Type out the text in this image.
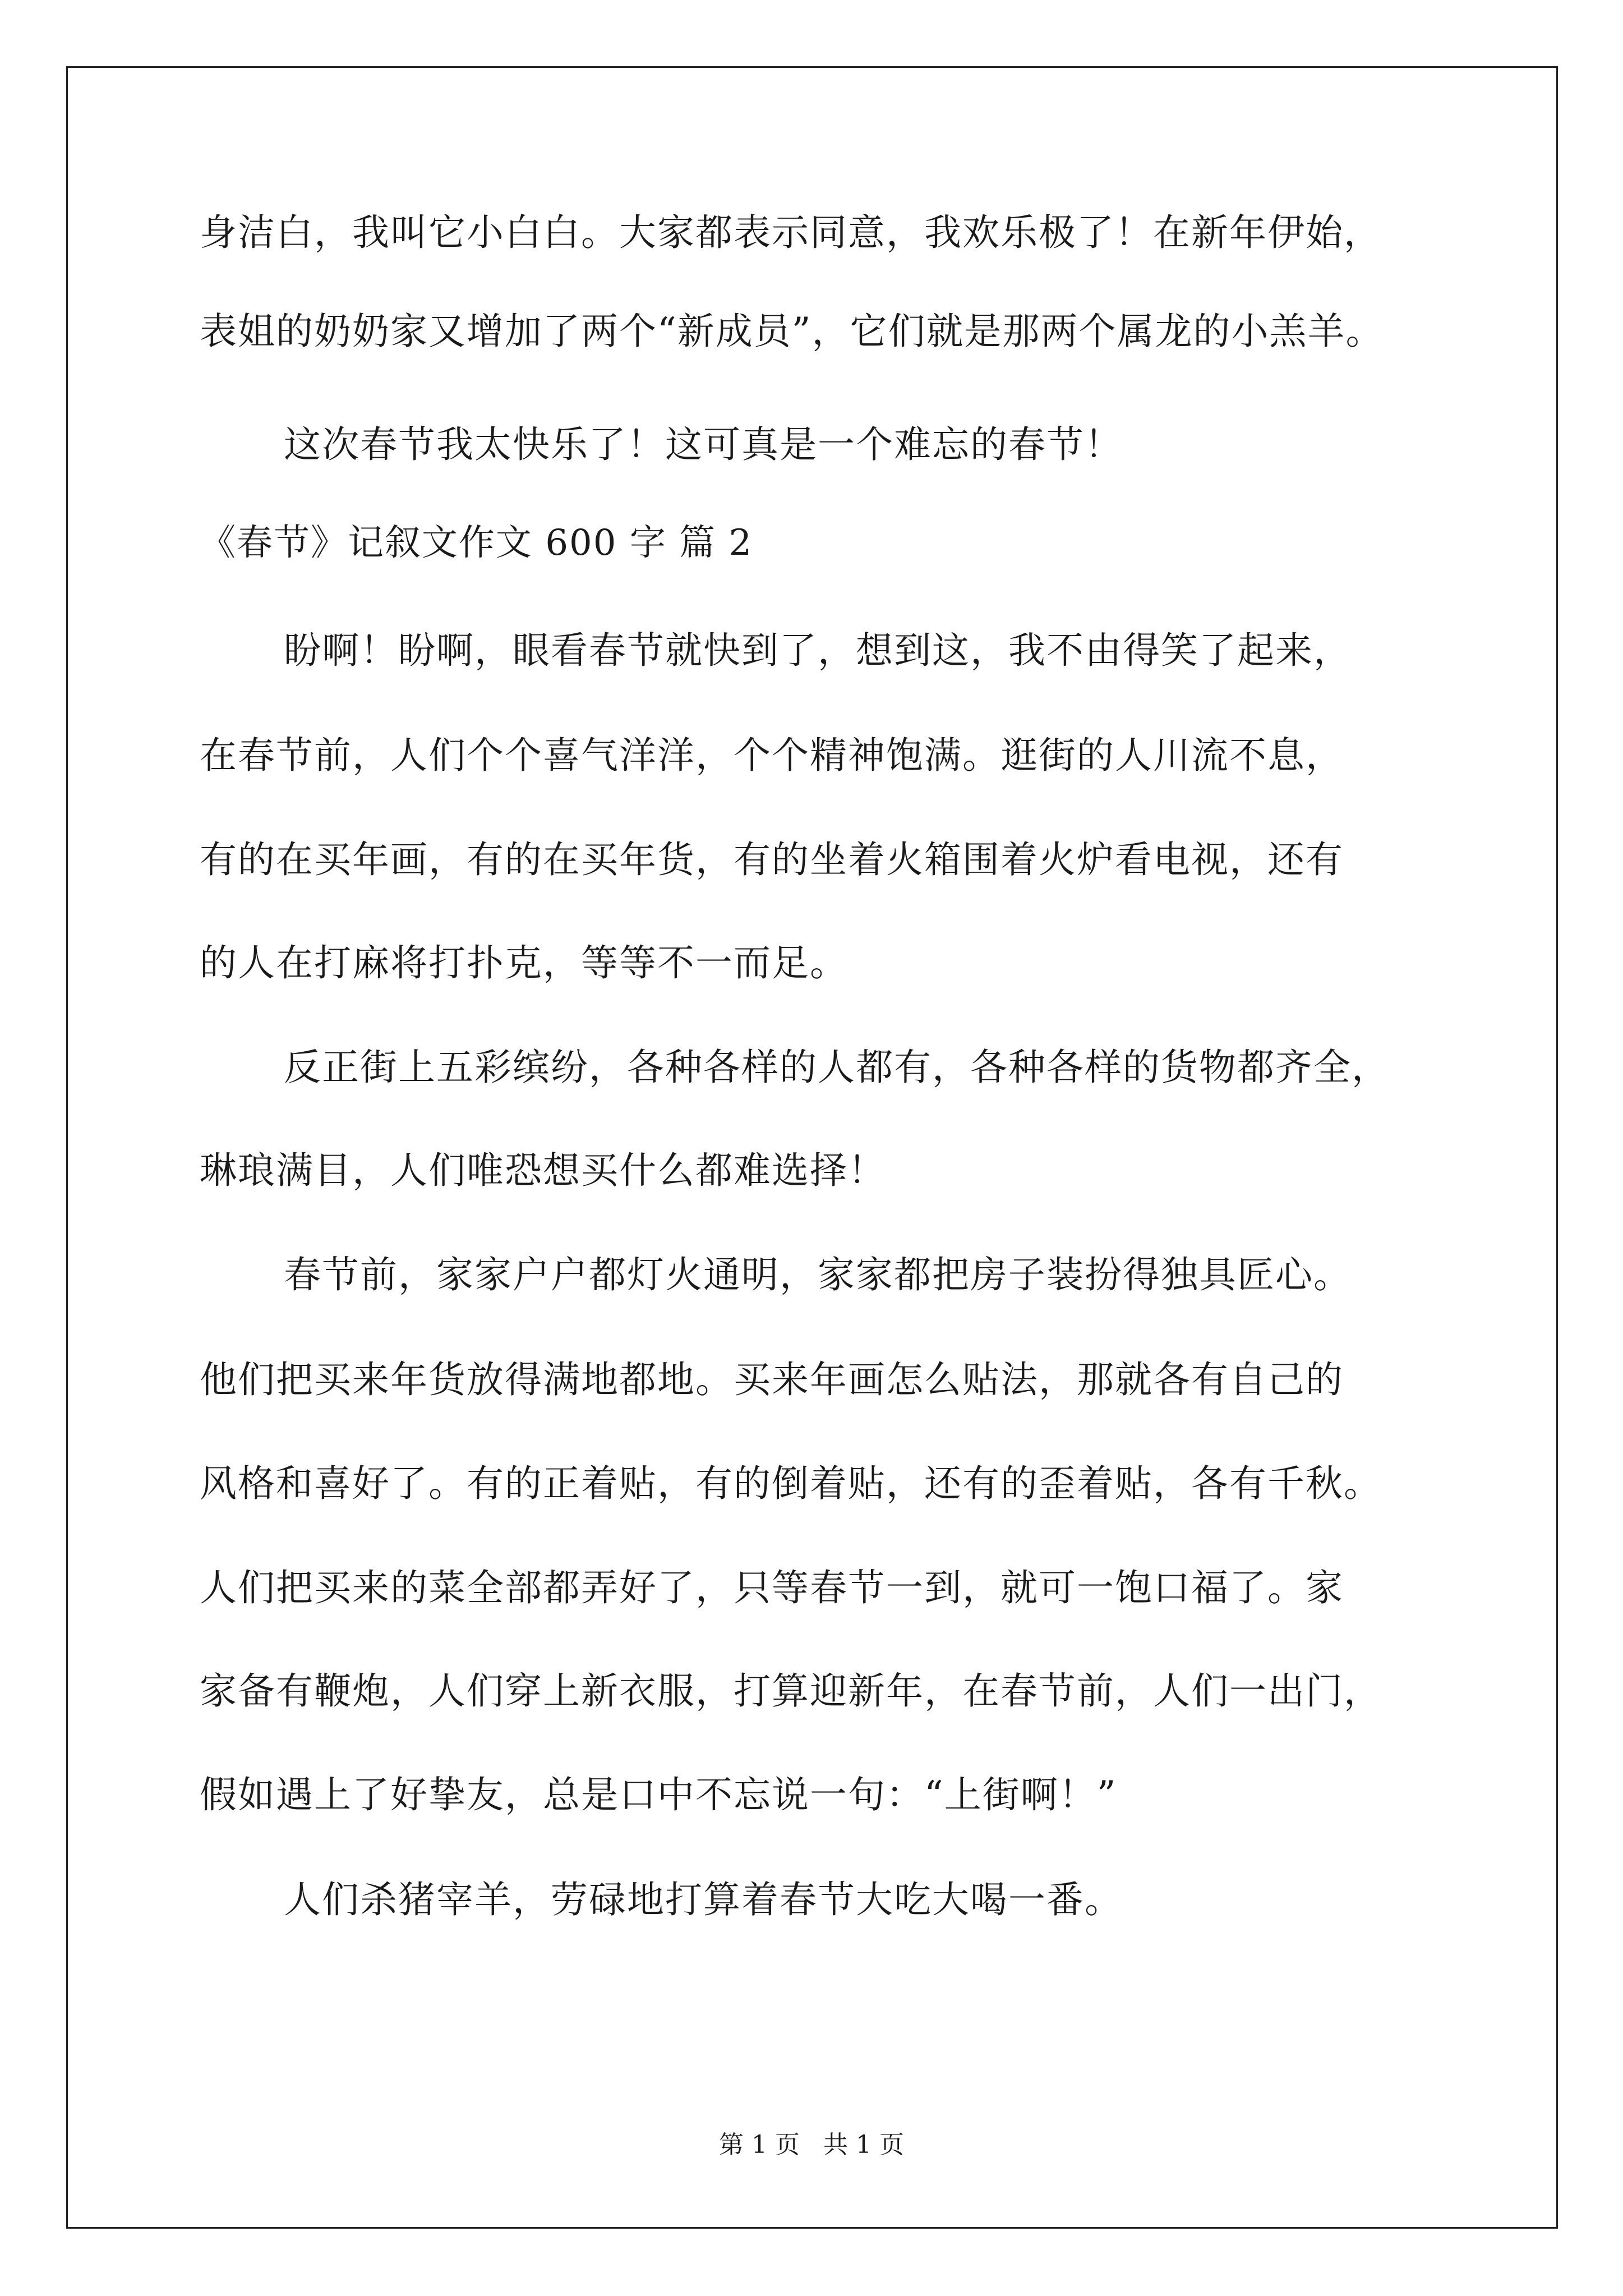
身洁白，我叫它小白白。大家都表示同意，我欢乐极了！在新年伊始，
表姐的奶奶家又增加了两个“新成员”，它们就是那两个属龙的小羔羊。
这次春节我太快乐了！这可真是一个难忘的春节！
《春节》记叙文作文 600 字 篇 2
盼啊！盼啊，眼看春节就快到了，想到这，我不由得笑了起来，
在春节前，人们个个喜气洋洋，个个精神饱满。逛街的人川流不息，
有的在买年画，有的在买年货，有的坐着火箱围着火炉看电视，还有
的人在打麻将打扑克，等等不一而足。
反正街上五彩缤纷，各种各样的人都有，各种各样的货物都齐全，
琳琅满目，人们唯恐想买什么都难选择！
春节前，家家户户都灯火通明，家家都把房子装扮得独具匠心。
他们把买来年货放得满地都地。买来年画怎么贴法，那就各有自己的
风格和喜好了。有的正着贴，有的倒着贴，还有的歪着贴，各有千秋。
人们把买来的菜全部都弄好了，只等春节一到，就可一饱口福了。家
家备有鞭炮，人们穿上新衣服，打算迎新年，在春节前，人们一出门，
假如遇上了好挚友，总是口中不忘说一句：“上街啊！”
人们杀猪宰羊，劳碌地打算着春节大吃大喝一番。
第 1 页   共 1 页
